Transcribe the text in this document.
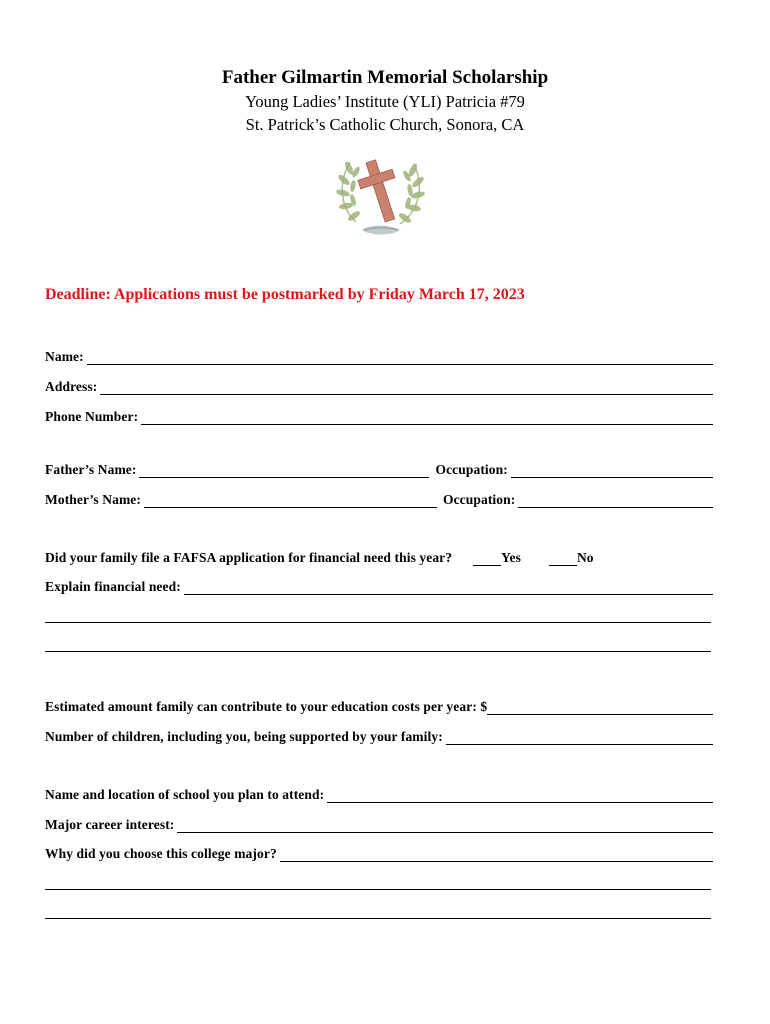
Father Gilmartin Memorial Scholarship
Young Ladies’ Institute (YLI) Patricia #79
St. Patrick’s Catholic Church, Sonora, CA
Deadline: Applications must be postmarked by Friday March 17, 2023
Name:
Address:
Phone Number:
Father’s Name:	Occupation:
Mother’s Name:	Occupation:
Did your family file a FAFSA application for financial need this year?	Yes	No
Explain financial need:
Estimated amount family can contribute to your education costs per year: $
Number of children, including you, being supported by your family:
Name and location of school you plan to attend:
Major career interest:
Why did you choose this college major?
